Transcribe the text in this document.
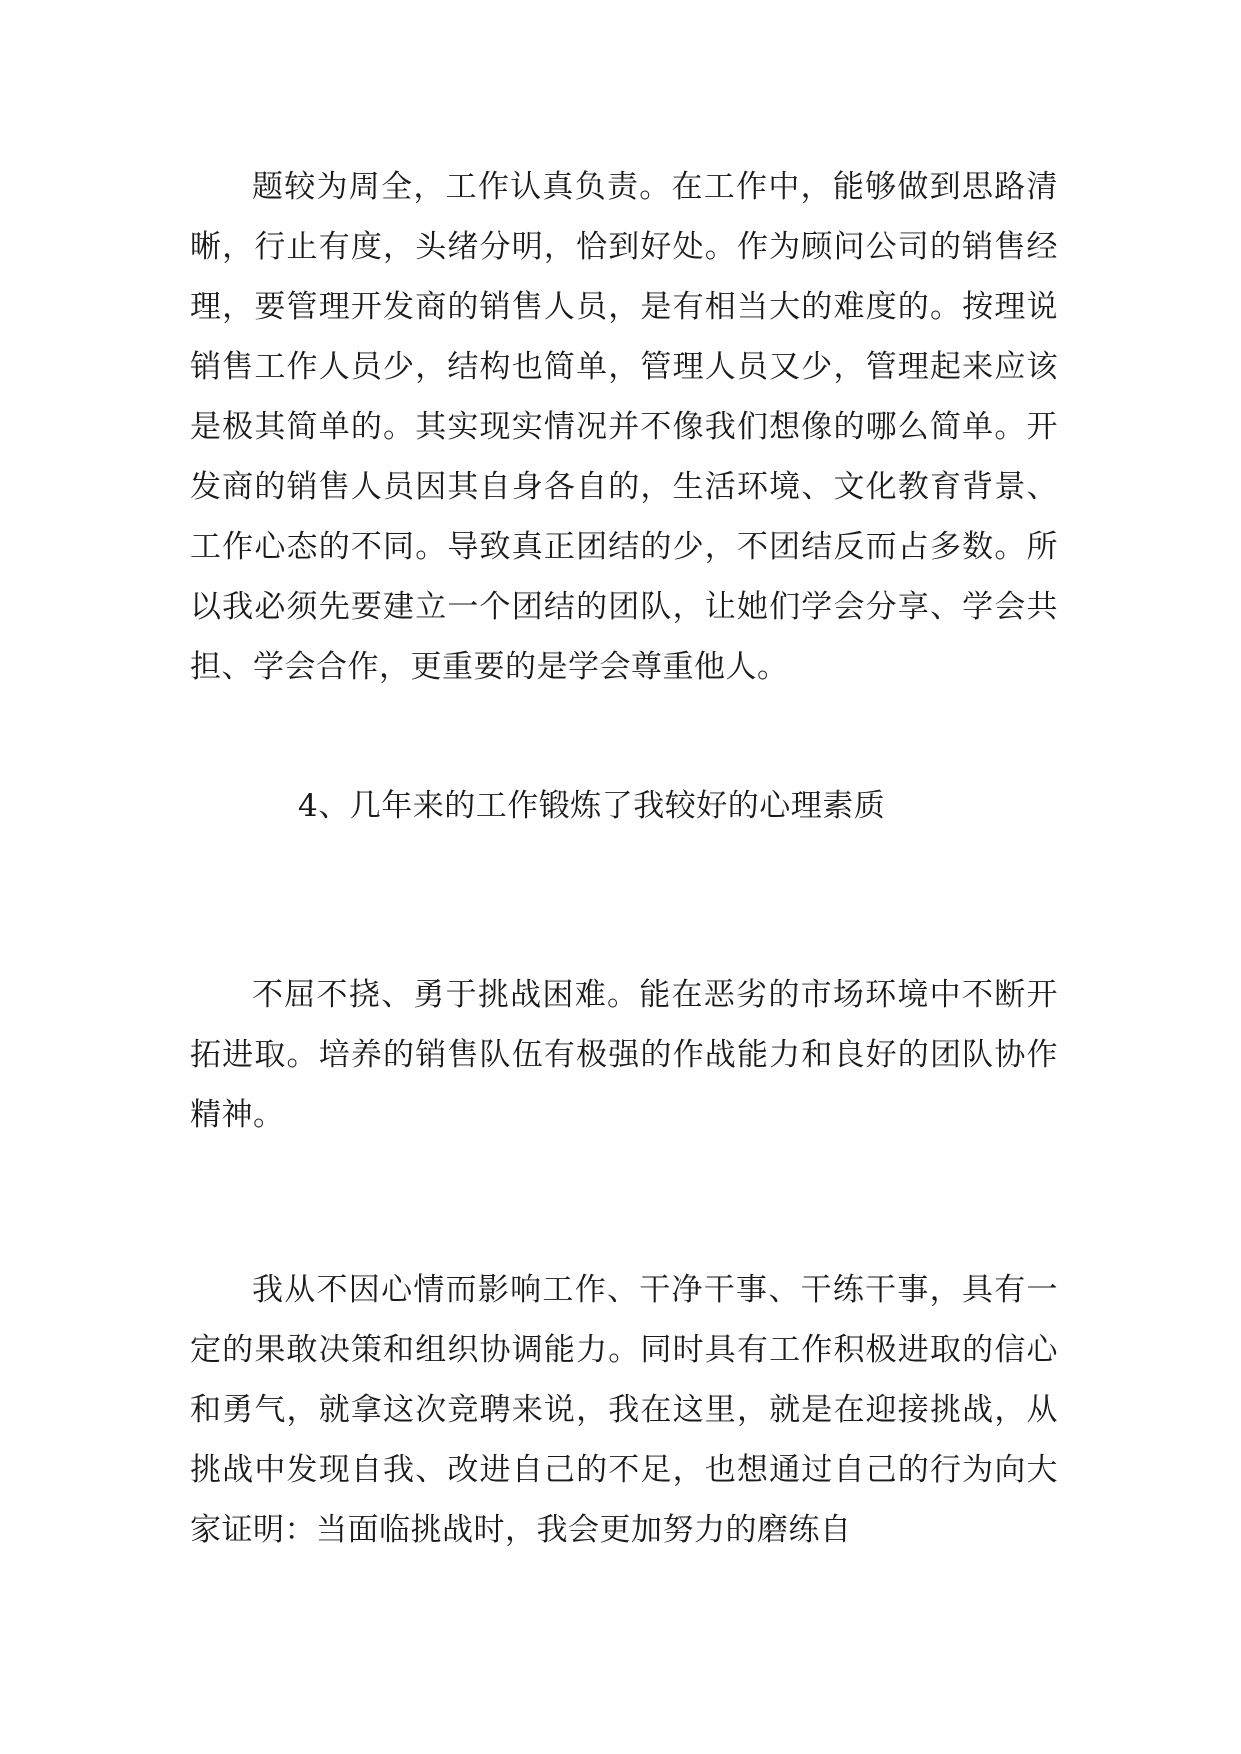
题较为周全，工作认真负责。在工作中，能够做到思路清晰，行止有度，头绪分明，恰到好处。作为顾问公司的销售经理，要管理开发商的销售人员，是有相当大的难度的。按理说销售工作人员少，结构也简单，管理人员又少，管理起来应该是极其简单的。其实现实情况并不像我们想像的哪么简单。开发商的销售人员因其自身各自的，生活环境、文化教育背景、工作心态的不同。导致真正团结的少，不团结反而占多数。所以我必须先要建立一个团结的团队，让她们学会分享、学会共担、学会合作，更重要的是学会尊重他人。

4、几年来的工作锻炼了我较好的心理素质

不屈不挠、勇于挑战困难。能在恶劣的市场环境中不断开拓进取。培养的销售队伍有极强的作战能力和良好的团队协作精神。

我从不因心情而影响工作、干净干事、干练干事，具有一定的果敢决策和组织协调能力。同时具有工作积极进取的信心和勇气，就拿这次竞聘来说，我在这里，就是在迎接挑战，从挑战中发现自我、改进自己的不足，也想通过自己的行为向大家证明：当面临挑战时，我会更加努力的磨练自
